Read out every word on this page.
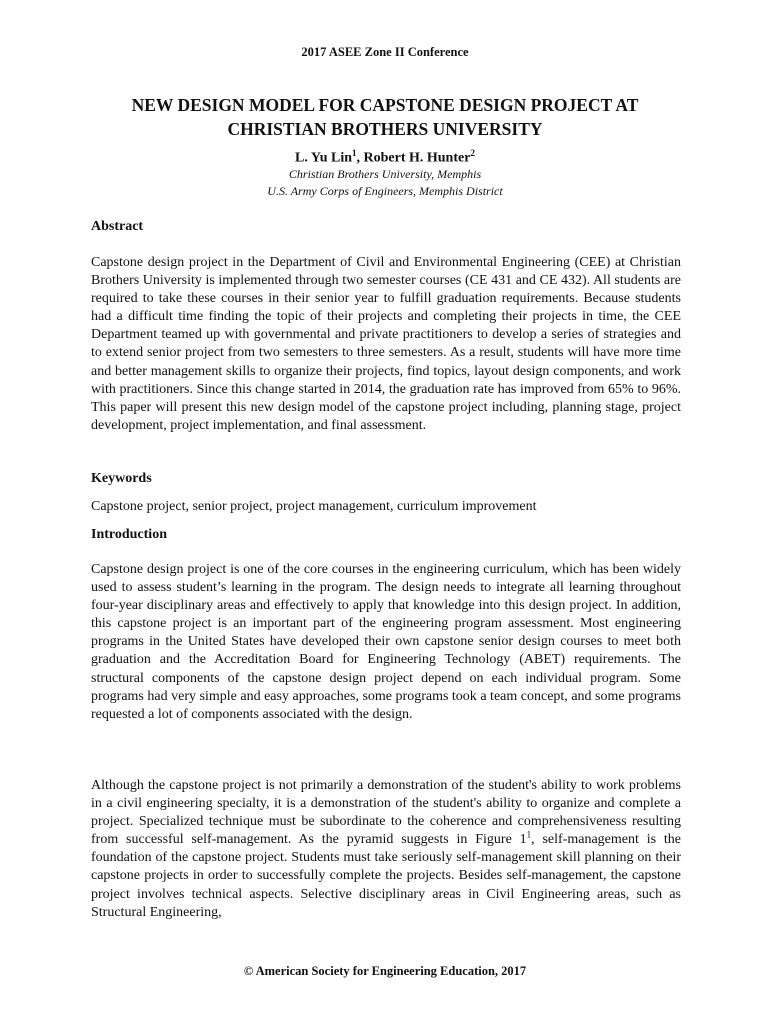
2017 ASEE Zone II Conference
NEW DESIGN MODEL FOR CAPSTONE DESIGN PROJECT AT CHRISTIAN BROTHERS UNIVERSITY
L. Yu Lin$^1$, Robert H. Hunter$^2$
Christian Brothers University, Memphis
U.S. Army Corps of Engineers, Memphis District
Abstract
Capstone design project in the Department of Civil and Environmental Engineering (CEE) at Christian Brothers University is implemented through two semester courses (CE 431 and CE 432). All students are required to take these courses in their senior year to fulfill graduation requirements. Because students had a difficult time finding the topic of their projects and completing their projects in time, the CEE Department teamed up with governmental and private practitioners to develop a series of strategies and to extend senior project from two semesters to three semesters. As a result, students will have more time and better management skills to organize their projects, find topics, layout design components, and work with practitioners. Since this change started in 2014, the graduation rate has improved from 65% to 96%. This paper will present this new design model of the capstone project including, planning stage, project development, project implementation, and final assessment.
Keywords
Capstone project, senior project, project management, curriculum improvement
Introduction
Capstone design project is one of the core courses in the engineering curriculum, which has been widely used to assess student’s learning in the program. The design needs to integrate all learning throughout four-year disciplinary areas and effectively to apply that knowledge into this design project. In addition, this capstone project is an important part of the engineering program assessment. Most engineering programs in the United States have developed their own capstone senior design courses to meet both graduation and the Accreditation Board for Engineering Technology (ABET) requirements. The structural components of the capstone design project depend on each individual program. Some programs had very simple and easy approaches, some programs took a team concept, and some programs requested a lot of components associated with the design.
Although the capstone project is not primarily a demonstration of the student's ability to work problems in a civil engineering specialty, it is a demonstration of the student's ability to organize and complete a project. Specialized technique must be subordinate to the coherence and comprehensiveness resulting from successful self-management. As the pyramid suggests in Figure $1^1$, self-management is the foundation of the capstone project. Students must take seriously self-management skill planning on their capstone projects in order to successfully complete the projects. Besides self-management, the capstone project involves technical aspects. Selective disciplinary areas in Civil Engineering areas, such as Structural Engineering,
© American Society for Engineering Education, 2017
